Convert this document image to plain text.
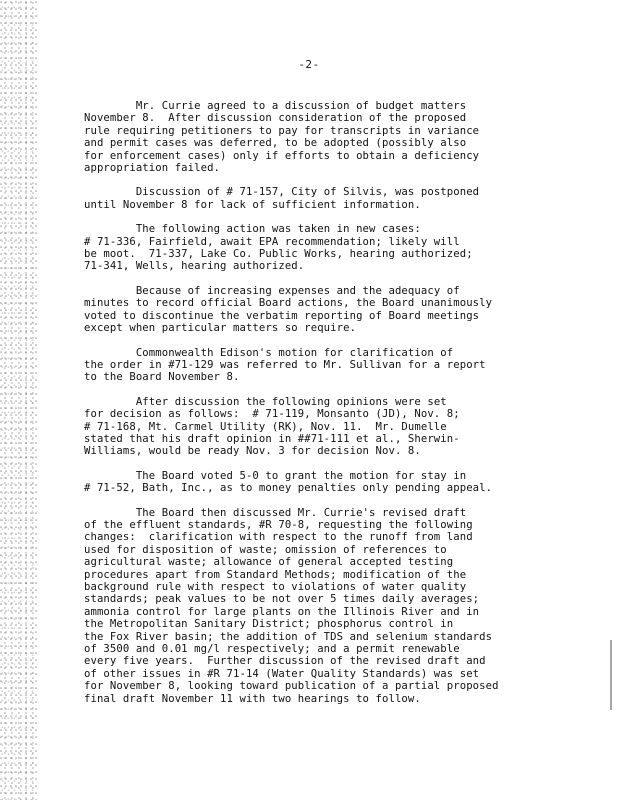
-2-

Mr. Currie agreed to a discussion of budget matters
November 8.  After discussion consideration of the proposed
rule requiring petitioners to pay for transcripts in variance
and permit cases was deferred, to be adopted (possibly also
for enforcement cases) only if efforts to obtain a deficiency
appropriation failed.

Discussion of # 71-157, City of Silvis, was postponed
until November 8 for lack of sufficient information.

The following action was taken in new cases:
# 71-336, Fairfield, await EPA recommendation; likely will
be moot.  71-337, Lake Co. Public Works, hearing authorized;
71-341, Wells, hearing authorized.

Because of increasing expenses and the adequacy of
minutes to record official Board actions, the Board unanimously
voted to discontinue the verbatim reporting of Board meetings
except when particular matters so require.

Commonwealth Edison's motion for clarification of
the order in #71-129 was referred to Mr. Sullivan for a report
to the Board November 8.

After discussion the following opinions were set
for decision as follows:  # 71-119, Monsanto (JD), Nov. 8;
# 71-168, Mt. Carmel Utility (RK), Nov. 11.  Mr. Dumelle
stated that his draft opinion in ##71-111 et al., Sherwin-
Williams, would be ready Nov. 3 for decision Nov. 8.

The Board voted 5-0 to grant the motion for stay in
# 71-52, Bath, Inc., as to money penalties only pending appeal.

The Board then discussed Mr. Currie's revised draft
of the effluent standards, #R 70-8, requesting the following
changes:  clarification with respect to the runoff from land
used for disposition of waste; omission of references to
agricultural waste; allowance of general accepted testing
procedures apart from Standard Methods; modification of the
background rule with respect to violations of water quality
standards; peak values to be not over 5 times daily averages;
ammonia control for large plants on the Illinois River and in
the Metropolitan Sanitary District; phosphorus control in
the Fox River basin; the addition of TDS and selenium standards
of 3500 and 0.01 mg/l respectively; and a permit renewable
every five years.  Further discussion of the revised draft and
of other issues in #R 71-14 (Water Quality Standards) was set
for November 8, looking toward publication of a partial proposed
final draft November 11 with two hearings to follow.
